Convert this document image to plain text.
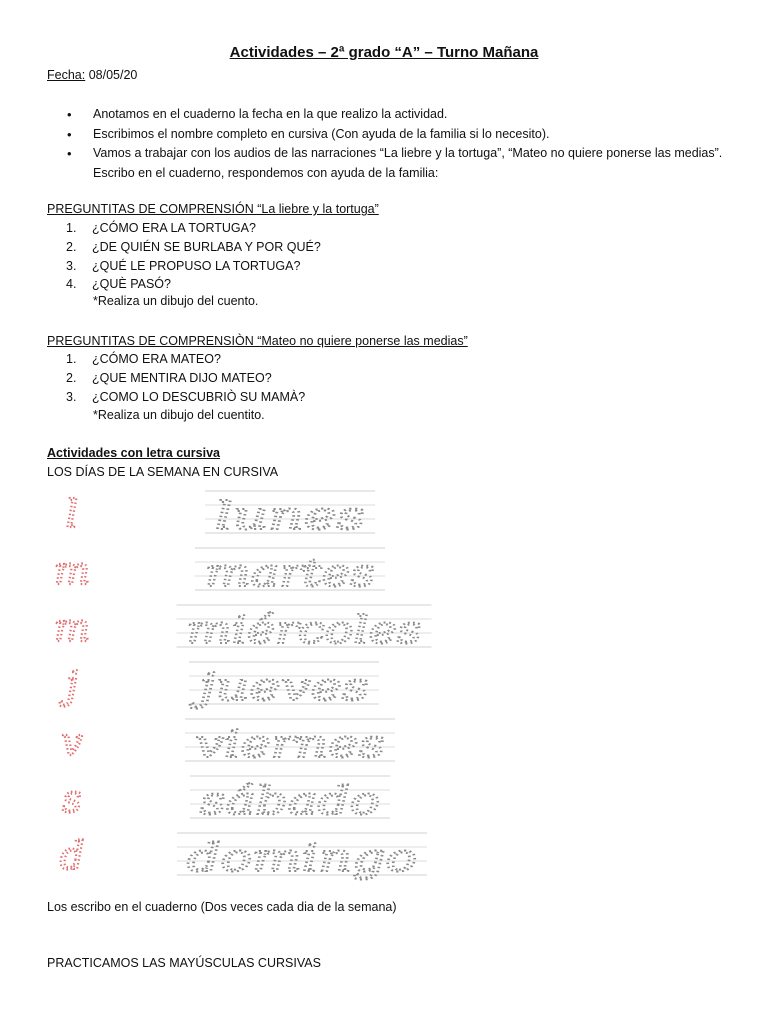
Actividades – 2ª grado “A” – Turno Mañana
Fecha: 08/05/20
• Anotamos en el cuaderno la fecha en la que realizo la actividad.
• Escribimos el nombre completo en cursiva (Con ayuda de la familia si lo necesito).
• Vamos a trabajar con los audios de las narraciones “La liebre y la tortuga”, “Mateo no quiere ponerse las medias”. Escribo en el cuaderno, respondemos con ayuda de la familia:
PREGUNTITAS DE COMPRENSIÓN “La liebre y la tortuga”
1. ¿CÓMO ERA LA TORTUGA?
2. ¿DE QUIÉN SE BURLABA Y POR QUÉ?
3. ¿QUÉ LE PROPUSO LA TORTUGA?
4. ¿QUÈ PASÓ?
*Realiza un dibujo del cuento.
PREGUNTITAS DE COMPRENSIÒN “Mateo no quiere ponerse las medias”
1. ¿CÓMO ERA MATEO?
2. ¿QUE MENTIRA DIJO MATEO?
3. ¿COMO LO DESCUBRIÒ SU MAMÀ?
*Realiza un dibujo del cuentito.
Actividades con letra cursiva
LOS DÍAS DE LA SEMANA EN CURSIVA
l	lunes
m	martes
m	miércoles
j	jueves
v	viernes
s	sábado
d	domingo
Los escribo en el cuaderno (Dos veces cada dia de la semana)
PRACTICAMOS LAS MAYÚSCULAS CURSIVAS
